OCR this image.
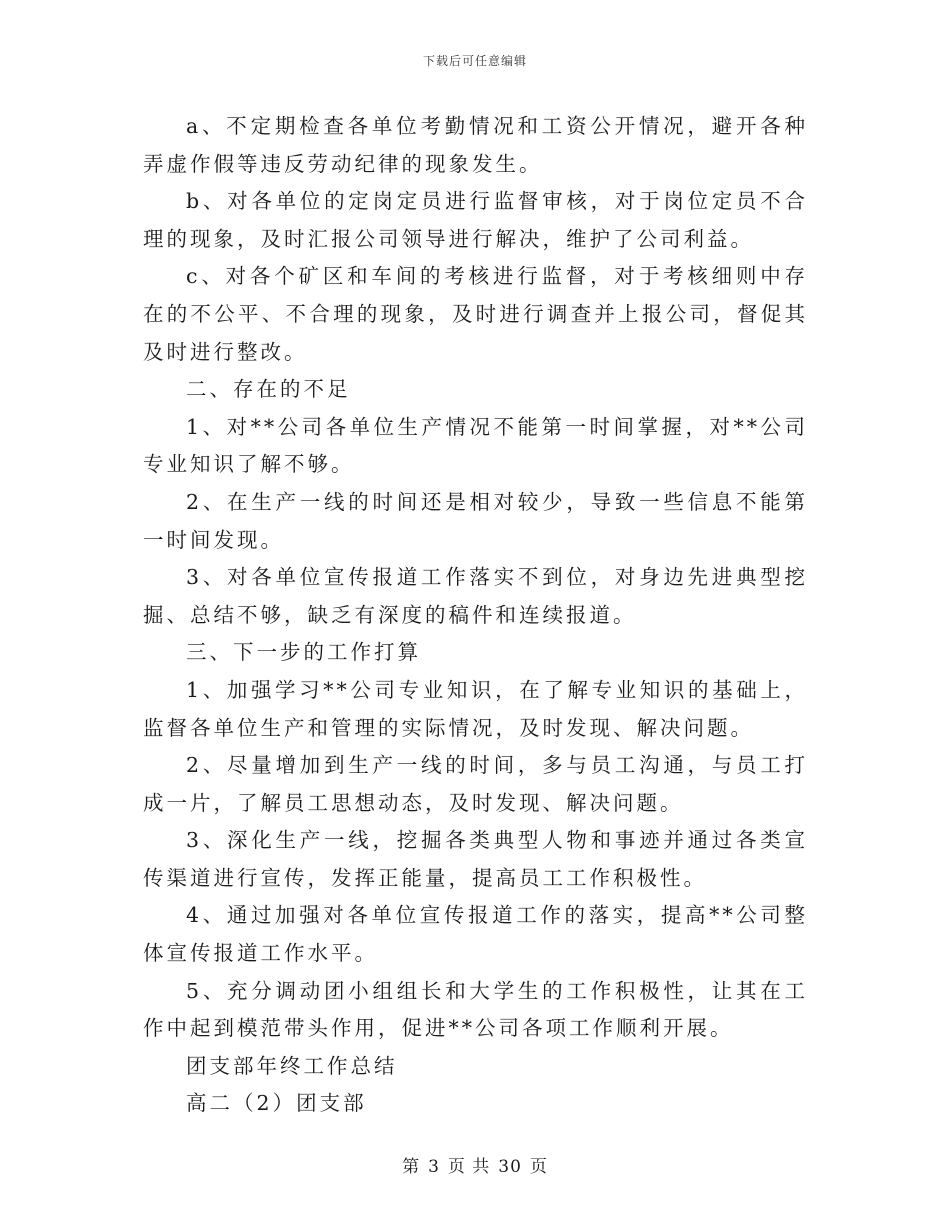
下载后可任意编辑

a、不定期检查各单位考勤情况和工资公开情况，避开各种弄虚作假等违反劳动纪律的现象发生。

b、对各单位的定岗定员进行监督审核，对于岗位定员不合理的现象，及时汇报公司领导进行解决，维护了公司利益。

c、对各个矿区和车间的考核进行监督，对于考核细则中存在的不公平、不合理的现象，及时进行调查并上报公司，督促其及时进行整改。

二、存在的不足

1、对**公司各单位生产情况不能第一时间掌握，对**公司专业知识了解不够。

2、在生产一线的时间还是相对较少，导致一些信息不能第一时间发现。

3、对各单位宣传报道工作落实不到位，对身边先进典型挖掘、总结不够，缺乏有深度的稿件和连续报道。

三、下一步的工作打算

1、加强学习**公司专业知识，在了解专业知识的基础上，监督各单位生产和管理的实际情况，及时发现、解决问题。

2、尽量增加到生产一线的时间，多与员工沟通，与员工打成一片，了解员工思想动态，及时发现、解决问题。

3、深化生产一线，挖掘各类典型人物和事迹并通过各类宣传渠道进行宣传，发挥正能量，提高员工工作积极性。

4、通过加强对各单位宣传报道工作的落实，提高**公司整体宣传报道工作水平。

5、充分调动团小组组长和大学生的工作积极性，让其在工作中起到模范带头作用，促进**公司各项工作顺利开展。

团支部年终工作总结

高二（2）团支部

第 3 页 共 30 页
